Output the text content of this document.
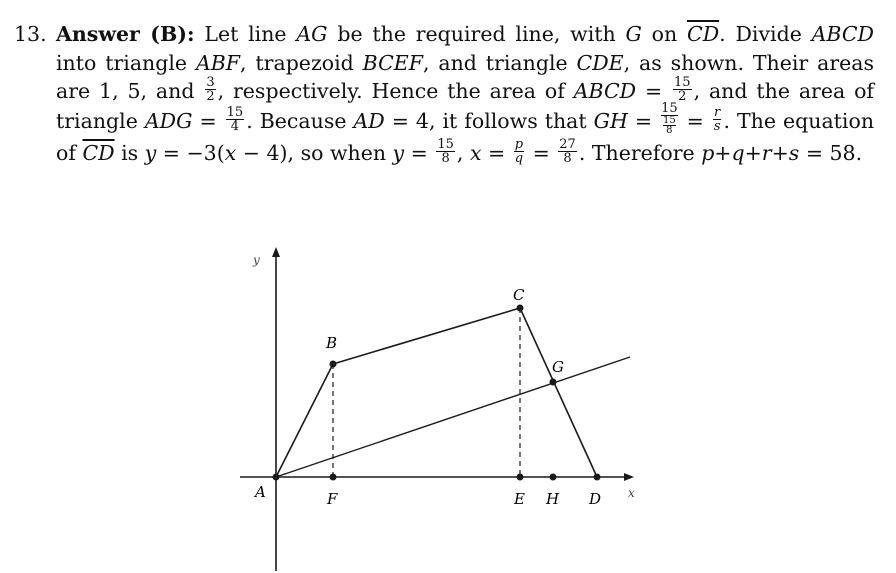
13. Answer (B): Let line AG be the required line, with G on $\overline{CD}$. Divide ABCD into triangle ABF, trapezoid BCEF, and triangle CDE, as shown. Their areas are 1, 5, and $\frac{3}{2}$ , respectively. Hence the area of ABCD = $\frac{15}{2}$ , and the area of triangle ADG = $\frac{15}{4}$ . Because AD = 4, it follows that GH = $\frac{15}{\frac{15}{8}} = \frac{r}{s}$ . The equation of $\overline{CD}$ is y = −3(x − 4), so when $y = \frac{15}{8}$ , $x = \frac{p}{q} = \frac{27}{8}$ . Therefore p+q+r+s = 58.
y
x
A
B
C
D
E
F
G
H
